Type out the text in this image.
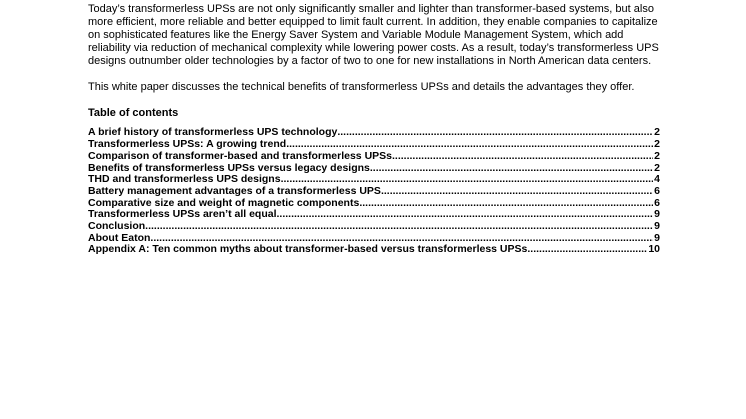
Today’s transformerless UPSs are not only significantly smaller and lighter than transformer-based systems, but also more efficient, more reliable and better equipped to limit fault current. In addition, they enable companies to capitalize on sophisticated features like the Energy Saver System and Variable Module Management System, which add reliability via reduction of mechanical complexity while lowering power costs. As a result, today’s transformerless UPS designs outnumber older technologies by a factor of two to one for new installations in North American data centers.

This white paper discusses the technical benefits of transformerless UPSs and details the advantages they offer.

Table of contents
A brief history of transformerless UPS technology .....	2
Transformerless UPSs: A growing trend .....	2
Comparison of transformer-based and transformerless UPSs .....	2
Benefits of transformerless UPSs versus legacy designs .....	2
THD and transformerless UPS designs .....	4
Battery management advantages of a transformerless UPS .....	6
Comparative size and weight of magnetic components .....	6
Transformerless UPSs aren’t all equal .....	9
Conclusion .....	9
About Eaton .....	9
Appendix A: Ten common myths about transformer-based versus transformerless UPSs .....	10
